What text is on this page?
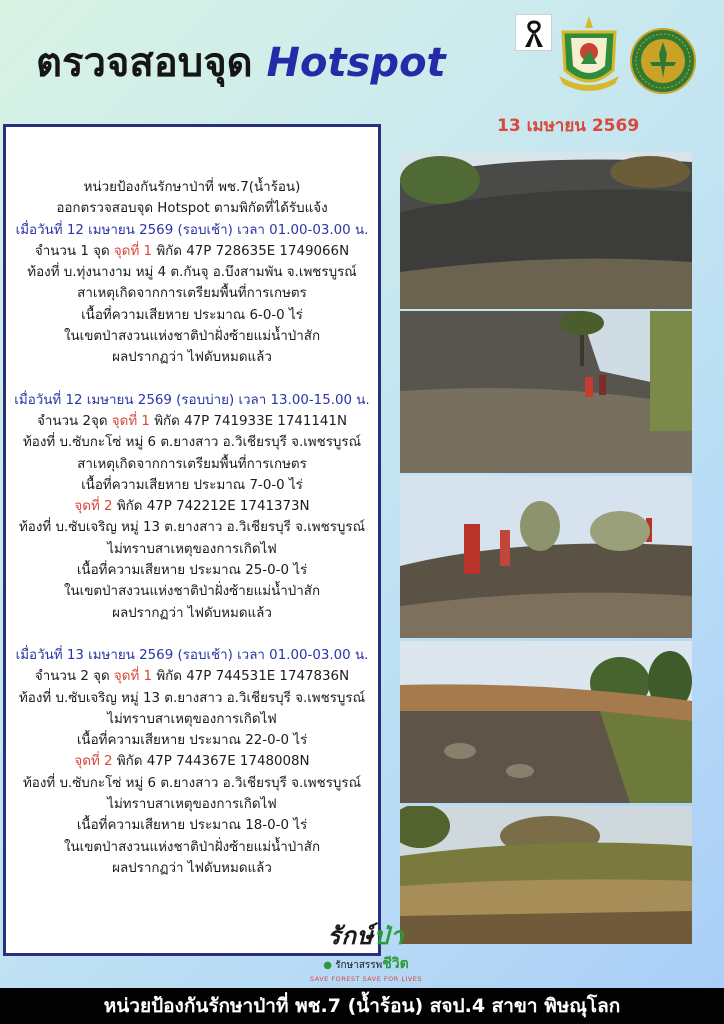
ตรวจสอบจุด Hotspot
13 เมษายน 2569
หน่วยป้องกันรักษาป่าที่ พช.7(น้ำร้อน)
ออกตรวจสอบจุด Hotspot ตามพิกัดที่ได้รับแจ้ง
เมื่อวันที่ 12 เมษายน 2569 (รอบเช้า) เวลา 01.00-03.00 น.
จำนวน 1 จุด จุดที่ 1 พิกัด 47P 728635E 1749066N
ท้องที่ บ.ทุ่งนางาม หมู่ 4 ต.กันจุ อ.บึงสามพัน จ.เพชรบูรณ์
สาเหตุเกิดจากการเตรียมพื้นที่การเกษตร
เนื้อที่ความเสียหาย ประมาณ 6-0-0 ไร่
ในเขตป่าสงวนแห่งชาติป่าฝั่งซ้ายแม่น้ำป่าสัก
ผลปรากฏว่า ไฟดับหมดแล้ว
เมื่อวันที่ 12 เมษายน 2569 (รอบบ่าย) เวลา 13.00-15.00 น.
จำนวน 2จุด จุดที่ 1 พิกัด 47P 741933E 1741141N
ท้องที่ บ.ซับกะโซ่ หมู่ 6 ต.ยางสาว อ.วิเชียรบุรี จ.เพชรบูรณ์
สาเหตุเกิดจากการเตรียมพื้นที่การเกษตร
เนื้อที่ความเสียหาย ประมาณ 7-0-0 ไร่
จุดที่ 2 พิกัด 47P 742212E 1741373N
ท้องที่ บ.ซับเจริญ หมู่ 13 ต.ยางสาว อ.วิเชียรบุรี จ.เพชรบูรณ์
ไม่ทราบสาเหตุของการเกิดไฟ
เนื้อที่ความเสียหาย ประมาณ 25-0-0 ไร่
ในเขตป่าสงวนแห่งชาติป่าฝั่งซ้ายแม่น้ำป่าสัก
ผลปรากฏว่า ไฟดับหมดแล้ว
เมื่อวันที่ 13 เมษายน 2569 (รอบเช้า) เวลา 01.00-03.00 น.
จำนวน 2 จุด จุดที่ 1 พิกัด 47P 744531E 1747836N
ท้องที่ บ.ซับเจริญ หมู่ 13 ต.ยางสาว อ.วิเชียรบุรี จ.เพชรบูรณ์
ไม่ทราบสาเหตุของการเกิดไฟ
เนื้อที่ความเสียหาย ประมาณ 22-0-0 ไร่
จุดที่ 2 พิกัด 47P 744367E 1748008N
ท้องที่ บ.ซับกะโซ่ หมู่ 6 ต.ยางสาว อ.วิเชียรบุรี จ.เพชรบูรณ์
ไม่ทราบสาเหตุของการเกิดไฟ
เนื้อที่ความเสียหาย ประมาณ 18-0-0 ไร่
ในเขตป่าสงวนแห่งชาติป่าฝั่งซ้ายแม่น้ำป่าสัก
ผลปรากฏว่า ไฟดับหมดแล้ว
รักษ์ป่า
● รักษาสรรพชีวิต
SAVE FOREST SAVE FOR LIVES
หน่วยป้องกันรักษาป่าที่ พช.7 (น้ำร้อน) สจป.4 สาขา พิษณุโลก
